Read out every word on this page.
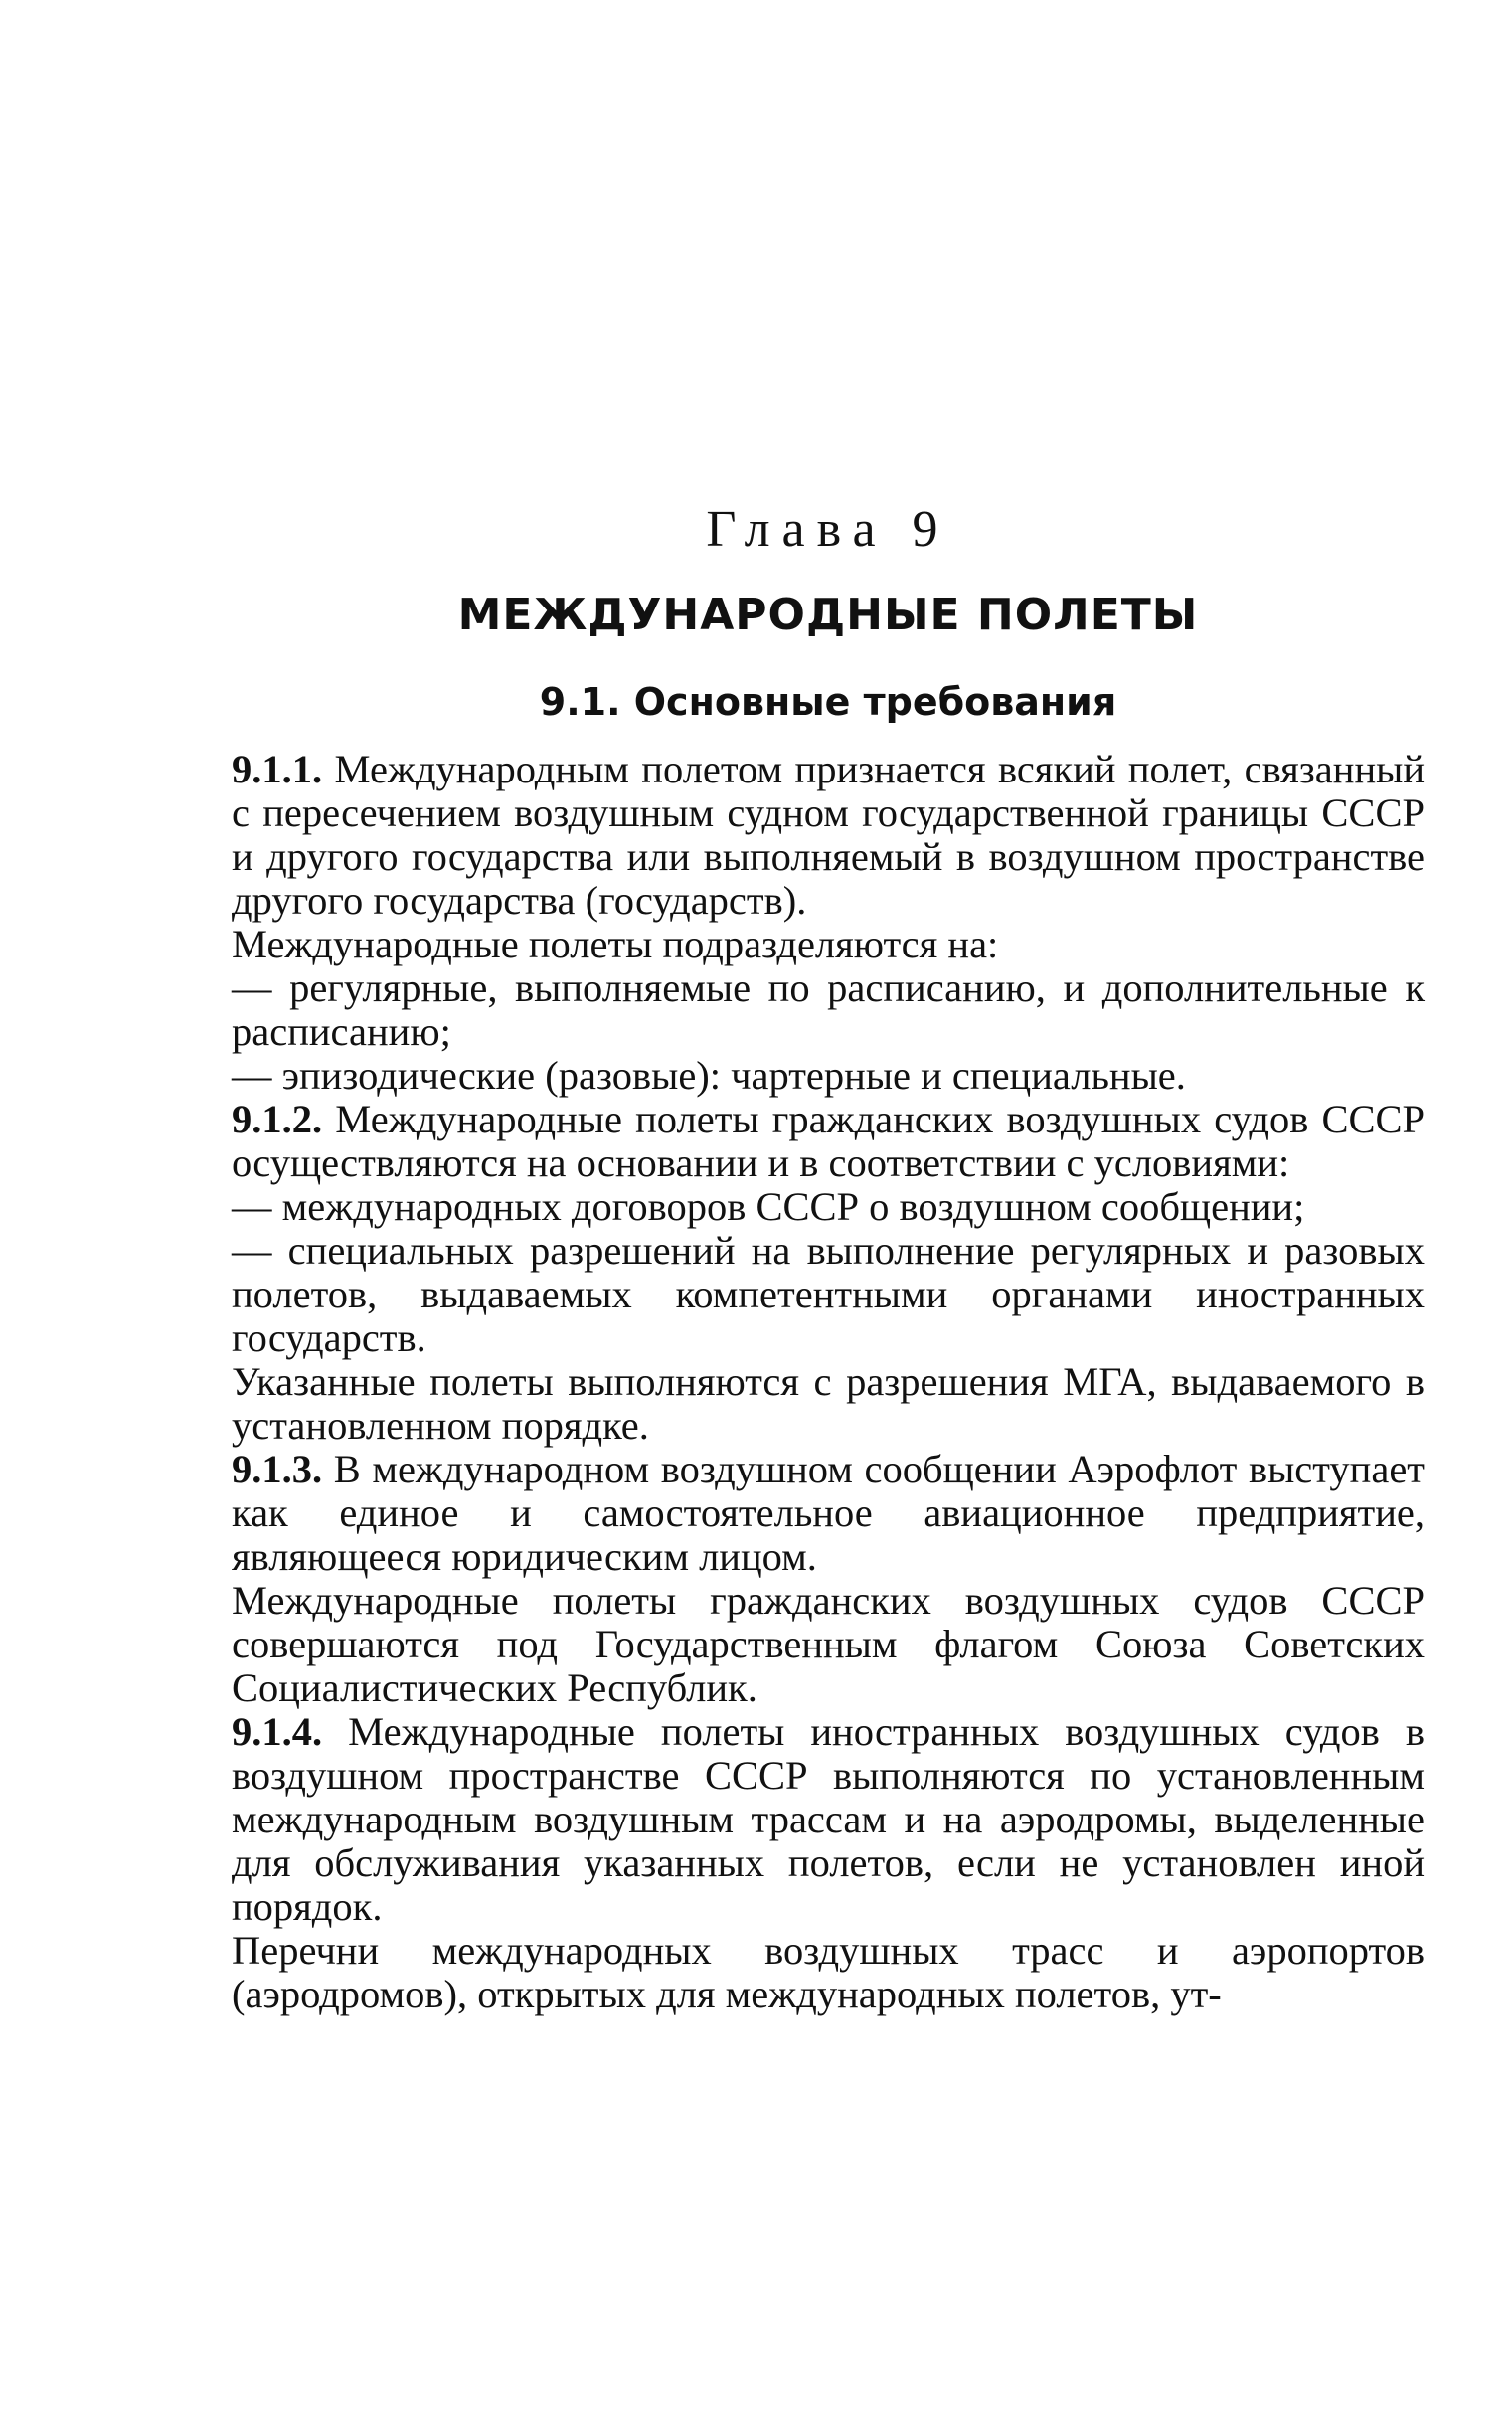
Глава 9
МЕЖДУНАРОДНЫЕ ПОЛЕТЫ
9.1. Основные требования

9.1.1. Международным полетом признается всякий полет, связанный с пересечением воздушным судном государственной границы СССР и другого государства или выполняемый в воздушном пространстве другого государства (государств).

Международные полеты подразделяются на:

— регулярные, выполняемые по расписанию, и дополнительные к расписанию;

— эпизодические (разовые): чартерные и специальные.

9.1.2. Международные полеты гражданских воздушных судов СССР осуществляются на основании и в соответствии с условиями:

— международных договоров СССР о воздушном сообщении;

— специальных разрешений на выполнение регулярных и разовых полетов, выдаваемых компетентными органами иностранных государств.

Указанные полеты выполняются с разрешения МГА, выдаваемого в установленном порядке.

9.1.3. В международном воздушном сообщении Аэрофлот выступает как единое и самостоятельное авиационное предприятие, являющееся юридическим лицом.

Международные полеты гражданских воздушных судов СССР совершаются под Государственным флагом Союза Советских Социалистических Республик.

9.1.4. Международные полеты иностранных воздушных судов в воздушном пространстве СССР выполняются по установленным международным воздушным трассам и на аэродромы, выделенные для обслуживания указанных полетов, если не установлен иной порядок.

Перечни международных воздушных трасс и аэропортов (аэродромов), открытых для международных полетов, ут-
